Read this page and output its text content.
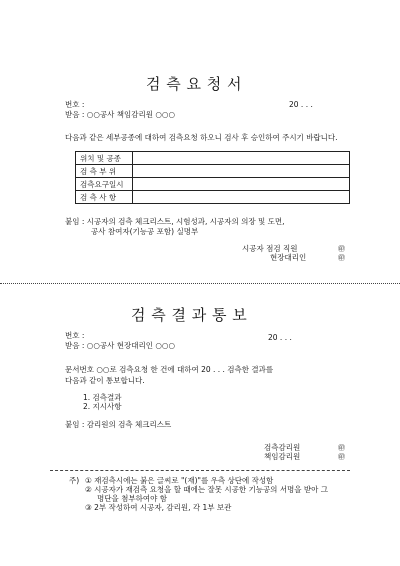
검 측 요 청 서
번호 :	20 . . .
받음 : ○○공사 책임감리원 ○○○
다음과 같은 세부공종에 대하여 검측요청 하오니 검사 후 승인하여 주시기 바랍니다.
위치 및 공종	
검 측 부 위	
검측요구일시	
검 측 사 항	
붙임 : 시공자의 검측 체크리스트, 시험성과, 시공자의 의장 및 도면,
공사 참여자(기능공 포함) 실명부
시공자 점검 직원
현장대리인
㊞
㊞
검 측 결 과 통 보
번호 :	20 . . .
받음 : ○○공사 현장대리인 ○○○
문서번호 ○○로 검측요청 한 건에 대하여 20 . . . 검측한 결과를
다음과 같이 통보합니다.
1. 검측결과
2. 지시사항
붙임 : 감리원의 검측 체크리스트
검측감리원
책임감리원
㊞
㊞
주) ① 재검측시에는 붉은 글씨로 "(재)"를 우측 상단에 작성함
② 시공자가 재검측 요청을 할 때에는 잘못 시공한 기능공의 서명을 받아 그
명단을 첨부하여야 함
③ 2부 작성하여 시공자, 감리원, 각 1부 보관
